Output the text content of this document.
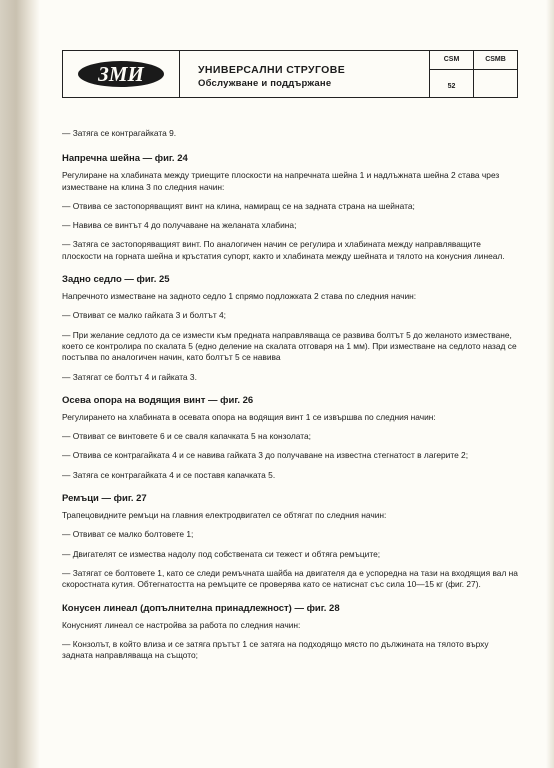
ЗМИ	УНИВЕРСАЛНИ СТРУГОВЕ
Обслужване и поддържане
CSM
52
CSMB

— Затяга се контрагайката 9.

Напречна шейна — фиг. 24

Регулиране на хлабината между триещите плоскости на напречната шейна 1 и надлъжната шейна 2 става чрез изместване на клина 3 по следния начин:

— Отвива се застопоряващият винт на клина, намиращ се на задната страна на шейната;

— Навива се винтът 4 до получаване на желаната хлабина;

— Затяга се застопоряващият винт. По аналогичен начин се регулира и хлабината между направляващите плоскости на горната шейна и кръстатия супорт, както и хлабината между шейната и тялото на конусния линеал.

Задно седло — фиг. 25

Напречното изместване на задното седло 1 спрямо подложката 2 става по следния начин:

— Отвиват се малко гайката 3 и болтът 4;

— При желание седлото да се измести към предната направляваща се развива болтът 5 до желаното изместване, което се контролира по скалата 5 (едно деление на скалата отговаря на 1 мм). При изместване на седлото назад се постъпва по аналогичен начин, като болтът 5 се навива

— Затягат се болтът 4 и гайката 3.

Осева опора на водящия винт — фиг. 26

Регулирането на хлабината в осевата опора на водящия винт 1 се извършва по следния начин:

— Отвиват се винтовете 6 и се сваля капачката 5 на конзолата;

— Отвива се контрагайката 4 и се навива гайката 3 до получаване на известна стегнатост в лагерите 2;

— Затяга се контрагайката 4 и се поставя капачката 5.

Ремъци — фиг. 27

Трапецовидните ремъци на главния електродвигател се обтягат по следния начин:

— Отвиват се малко болтовете 1;

— Двигателят се измества надолу под собствената си тежест и обтяга ремъците;

— Затягат се болтовете 1, като се следи ремъчната шайба на двигателя да е успоредна на тази на входящия вал на скоростната кутия. Обтегнатостта на ремъците се проверява като се натиснат със сила 10—15 кг (фиг. 27).

Конусен линеал (допълнителна принадлежност) — фиг. 28

Конусният линеал се настройва за работа по следния начин:

— Конзолът, в който влиза и се затяга прътът 1 се затяга на подходящо място по дължината на тялото върху задната направляваща на същото;
